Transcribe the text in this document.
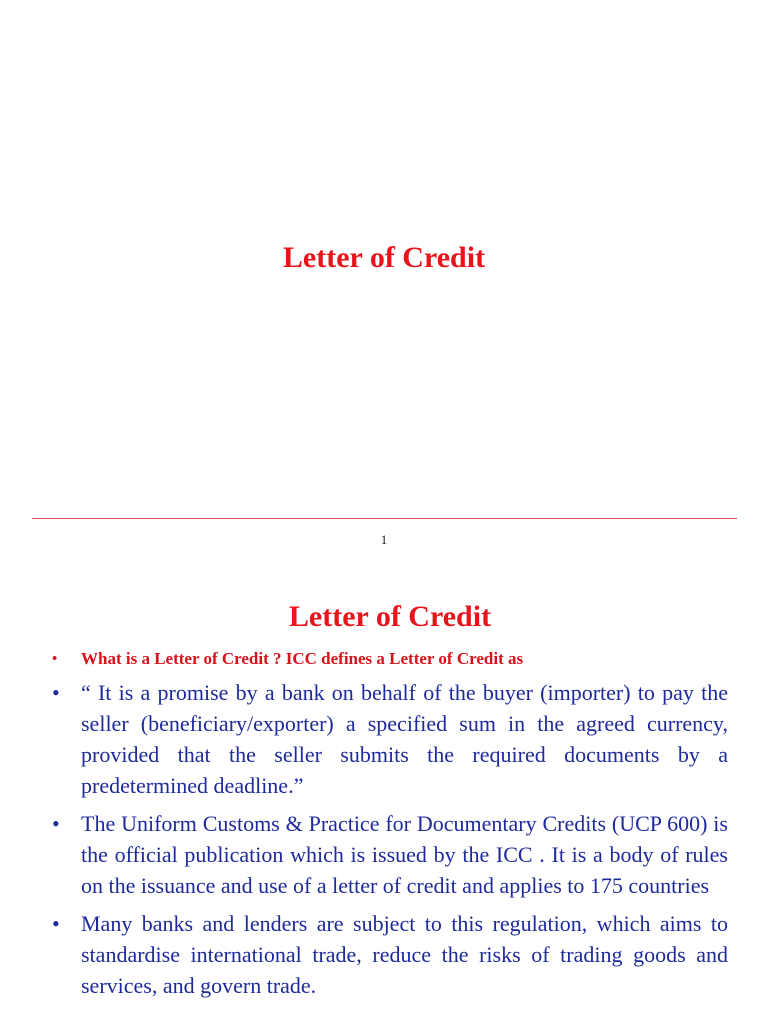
Letter of Credit
1
Letter of Credit
• What is a Letter of Credit ? ICC defines a Letter of Credit as
• “ It is a promise by a bank on behalf of the buyer (importer) to pay the seller (beneficiary/exporter) a specified sum in the agreed currency, provided that the seller submits the required documents by a predetermined deadline.”
• The Uniform Customs & Practice for Documentary Credits (UCP 600) is the official publication which is issued by the ICC . It is a body of rules on the issuance and use of a letter of credit and applies to 175 countries
• Many banks and lenders are subject to this regulation, which aims to standardise international trade, reduce the risks of trading goods and services, and govern trade.
